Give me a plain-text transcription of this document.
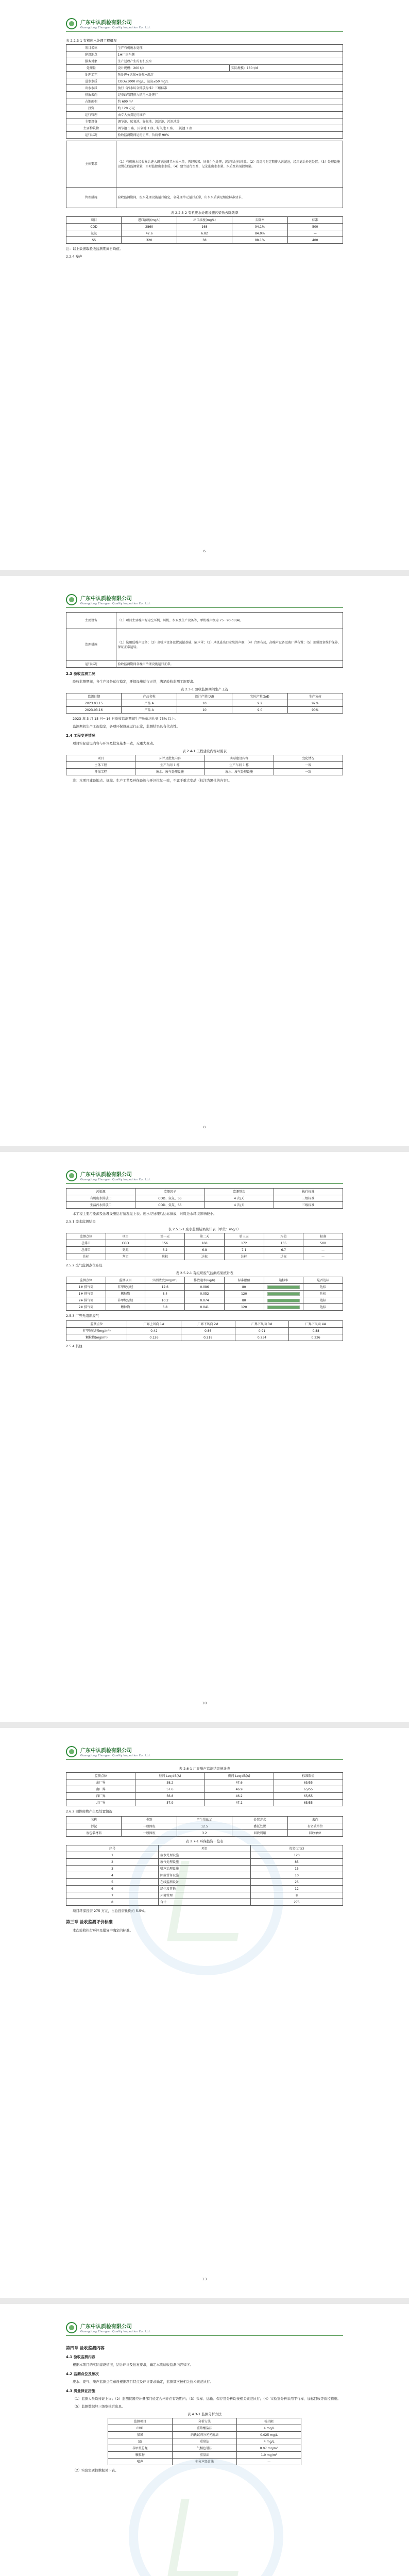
广东中认质检有限公司
Guangdong Zhongren Quality Inspection Co., Ltd.
表 2.2.3-1 有机废水处理工程概况
项目名称	生产有机废水处理	
建设地点	1#厂房东侧	
服务对象	生产过程产生的有机废水	
处理量	设计规模：200 t/d	实际规模：180 t/d
处理工艺	预处理+厌氧+好氧+沉淀	
进水水质	COD≤3000 mg/L、氨氮≤50 mg/L	
出水水质	执行《污水综合排放标准》三级标准	
排放去向	经市政管网排入镇污水处理厂	
占地面积	约 600 m²	
投资	约 120 万元	
运行管理	由专人负责运行维护	
主要设备	调节池、厌氧池、好氧池、沉淀池、污泥池等	
主要构筑物	调节池 1 座、厌氧池 1 座、好氧池 1 座、二沉池 1 座	
运行状况	验收监测期间运行正常，负荷率 90%	
主体要求	（1）有机废水经收集后进入调节池调节水质水量，再经厌氧、好氧生化处理，沉淀后达标排放。（2）沉淀污泥定期排入污泥池，经压滤后外运处置。（3）处理设施设置在线监测装置，实时监控出水水质。（4）建立运行台账，记录进出水水量、水质及药剂投加量。
管理措施	验收监测期间，废水处理设施运行稳定，各处理单元运行正常，出水水质满足相应标准要求。
表 2.2.3-2 有机废水处理设施污染物去除效率
项目	进口浓度(mg/L)	出口浓度(mg/L)	去除率	标准
COD	2860	168	94.1%	500
氨氮	42.6	6.82	84.0%	—
SS	320	38	88.1%	400
注：以上数据取验收监测期间日均值。
2.2.4 噪声
6
广东中认质检有限公司
Guangdong Zhongren Quality Inspection Co., Ltd.
主要设备	（1）项目主要噪声源为空压机、风机、水泵及生产设备等，单机噪声级为 75～90 dB(A)。
治理措施	（1）选用低噪声设备；（2）高噪声设备设置减振基础、隔声罩；（3）风机进出口安装消声器；（4）合理布局，高噪声设备远离厂界布置；（5）加强设备维护保养，保证正常运转。
运行状况	验收监测期间各噪声治理设施运行正常。
2.3 验收监测工况
验收监测期间，各生产设备运行稳定，环保设施运行正常，满足验收监测工况要求。
表 2.3-1 验收监测期间生产工况
监测日期	产品名称	设计产量(t/d)	实际产量(t/d)	生产负荷
2023.03.15	产品 A	10	9.2	92%
2023.03.16	产品 A	10	9.0	90%
2023 年 3 月 15 日～16 日验收监测期间生产负荷均达到 75% 以上。
监测期间生产工况稳定，各项环保设施运行正常，监测结果具有代表性。
2.4 工程变更情况
项目实际建设内容与环评及批复基本一致，无重大变动。
表 2.4-1 工程建设内容对照表
项目	环评及批复内容	实际建设内容	变化情况
主体工程	生产车间 1 栋	生产车间 1 栋	一致
环保工程	废水、废气处理设施	废水、废气处理设施	一致
注：本项目建设地点、规模、生产工艺及环保设施与环评批复一致，不属于重大变动（标注为黑体的内容）。
8
广东中认质检有限公司
Guangdong Zhongren Quality Inspection Co., Ltd.
污染源	监测因子	监测频次	执行标准
有机废水排放口	COD、氨氮、SS	4 次/天	三级标准
生活污水排放口	COD、氨氮、SS	4 次/天	三级标准
本工程主要污染源及治理设施运行情况见上表。废水经处理后达标排放，对周边水环境影响较小。
2.5.1 废水监测结果
表 2.5.1-1 废水监测结果统计表（单位：mg/L）
监测点位	项目	第一天	第二天	第三天	均值	标准
总排口	COD	156	168	172	165	500
总排口	氨氮	6.2	6.8	7.1	6.7	—
达标	判定	达标	达标	达标	达标	—
2.5.2 废气监测点位布设
表 2.5.2-1 有组织废气监测结果统计表
监测点位	监测项目	实测浓度(mg/m³)	排放速率(kg/h)	标准限值	达标率	是否达标
1# 排气筒	非甲烷总烃	12.6	0.086	80		达标
1# 排气筒	颗粒物	8.4	0.052	120		达标
2# 排气筒	非甲烷总烃	10.2	0.074	80		达标
2# 排气筒	颗粒物	6.8	0.041	120		达标
2.5.3 厂界无组织废气
监测点位	厂界上风向 1#	厂界下风向 2#	厂界下风向 3#	厂界下风向 4#
非甲烷总烃(mg/m³)	0.42	0.86	0.91	0.88
颗粒物(mg/m³)	0.126	0.218	0.234	0.226
2.5.4 其他
10
广东中认质检有限公司
Guangdong Zhongren Quality Inspection Co., Ltd.
表 2.6-1 厂界噪声监测结果统计表
监测点位	昼间 Leq dB(A)	夜间 Leq dB(A)	标准限值
东厂界	58.2	47.6	65/55
南厂界	57.6	46.9	65/55
西厂界	56.8	46.2	65/55
北厂界	57.9	47.1	65/55
2.6.2 固体废物产生及处置情况
名称	类别	产生量(t/a)	处置方式	去向
污泥	一般固废	12.5	委托处置	有资质单位
废包装材料	一般固废	3.2	回收利用	回收单位
表 2.7-1 环保投资一览表
序号	项目	投资(万元)
1	废水处理设施	120
2	废气处理设施	85
3	噪声治理设施	15
4	固废暂存设施	10
5	在线监测设备	25
6	绿化及其他	12
7	环境管理	8
8	合计	275
项目环保投资 275 万元，占总投资比例约 5.5%。
第三章 验收监测评价标准
本次验收执行环评及批复中确定的标准。
13
广东中认质检有限公司
Guangdong Zhongren Quality Inspection Co., Ltd.
第四章 验收监测内容
4.1 验收监测内容
根据本项目的实际建设情况，结合环评及批复要求，确定本次验收监测内容如下。
4.2 监测点位及频次
废水、废气、噪声监测点位布设根据项目特点及环评要求确定，监测频次按相关技术规范执行。
4.3 质量保证措施
（1）监测人员均持证上岗；（2）监测仪器经计量部门检定合格并在有效期内；（3）采样、运输、保存及分析均按相关规范执行；（4）实验室分析采用平行样、加标回收等质控措施。
（5）监测数据经三级审核后出具。
表 4.3-1 监测分析方法
监测项目	分析方法	检出限
COD	重铬酸盐法	4 mg/L
氨氮	纳氏试剂分光光度法	0.025 mg/L
SS	重量法	4 mg/L
非甲烷总烃	气相色谱法	0.07 mg/m³
颗粒物	重量法	1.0 mg/m³
噪声	积分声级计法	—
（2）实验室质控数据见下表。
